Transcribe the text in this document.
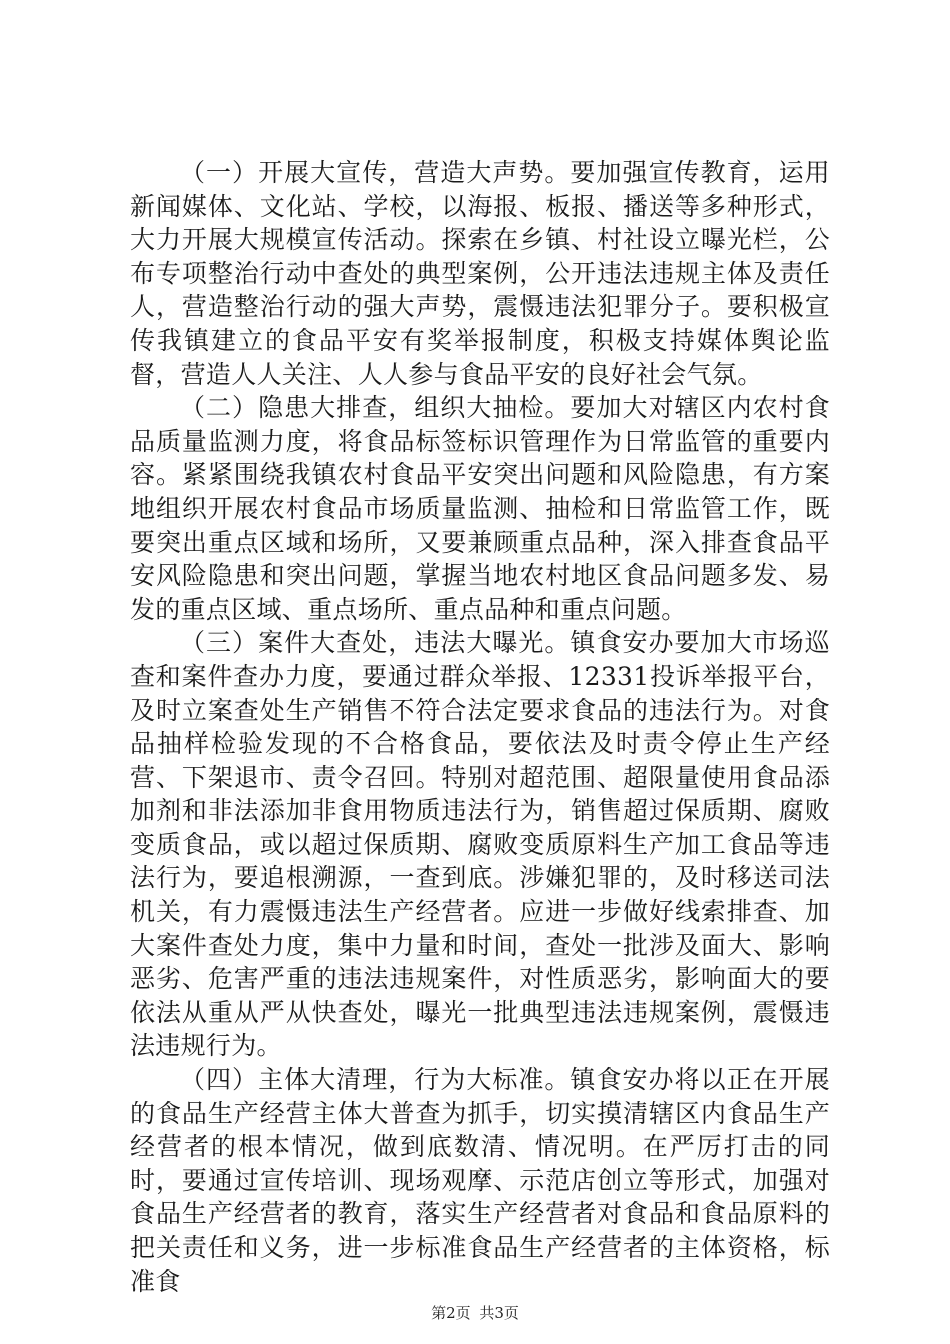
（一）开展大宣传，营造大声势。要加强宣传教育，运用新闻媒体、文化站、学校，以海报、板报、播送等多种形式，大力开展大规模宣传活动。探索在乡镇、村社设立曝光栏，公布专项整治行动中查处的典型案例，公开违法违规主体及责任人，营造整治行动的强大声势，震慑违法犯罪分子。要积极宣传我镇建立的食品平安有奖举报制度，积极支持媒体舆论监督，营造人人关注、人人参与食品平安的良好社会气氛。

（二）隐患大排查，组织大抽检。要加大对辖区内农村食品质量监测力度，将食品标签标识管理作为日常监管的重要内容。紧紧围绕我镇农村食品平安突出问题和风险隐患，有方案地组织开展农村食品市场质量监测、抽检和日常监管工作，既要突出重点区域和场所，又要兼顾重点品种，深入排查食品平安风险隐患和突出问题，掌握当地农村地区食品问题多发、易发的重点区域、重点场所、重点品种和重点问题。

（三）案件大查处，违法大曝光。镇食安办要加大市场巡查和案件查办力度，要通过群众举报、12331投诉举报平台，及时立案查处生产销售不符合法定要求食品的违法行为。对食品抽样检验发现的不合格食品，要依法及时责令停止生产经营、下架退市、责令召回。特别对超范围、超限量使用食品添加剂和非法添加非食用物质违法行为，销售超过保质期、腐败变质食品，或以超过保质期、腐败变质原料生产加工食品等违法行为，要追根溯源，一查到底。涉嫌犯罪的，及时移送司法机关，有力震慑违法生产经营者。应进一步做好线索排查、加大案件查处力度，集中力量和时间，查处一批涉及面大、影响恶劣、危害严重的违法违规案件，对性质恶劣，影响面大的要依法从重从严从快查处，曝光一批典型违法违规案例，震慑违法违规行为。

（四）主体大清理，行为大标准。镇食安办将以正在开展的食品生产经营主体大普查为抓手，切实摸清辖区内食品生产经营者的根本情况，做到底数清、情况明。在严厉打击的同时，要通过宣传培训、现场观摩、示范店创立等形式，加强对食品生产经营者的教育，落实生产经营者对食品和食品原料的把关责任和义务，进一步标准食品生产经营者的主体资格，标准食

第2页 共3页
